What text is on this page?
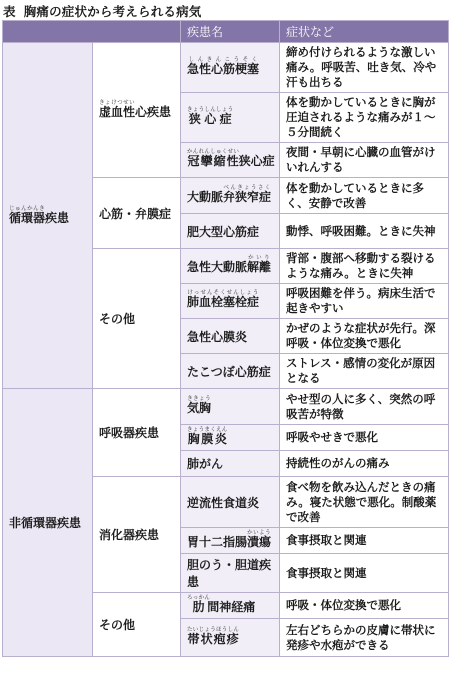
表 胸痛の症状から考えられる病気
		疾患名	症状など
循環器じゅんかんき疾患	虚血性きょけつせい心疾患	急性心筋梗塞しんきんこうそく	締め付けられるような激しい痛み。呼吸苦、吐き気、冷や汗も出ちる
		狭心症きょうしんしょう	体を動かしているときに胸が圧迫されるような痛みが１～５分間続く
		冠攣縮性かんれんしゅくせい狭心症	夜間・早朝に心臓の血管がけいれんする
	心筋・弁膜症	大動脈弁狭窄症べんきょうさく	体を動かしているときに多く、安静で改善
		肥大型心筋症	動悸、呼吸困難。ときに失神
	その他	急性大動脈解離かいり	背部・腹部へ移動する裂けるような痛み。ときに失神
		肺血栓塞栓症けっせんそくせんしょう	呼吸困難を伴う。病床生活で起きやすい
		急性心膜炎	かぜのような症状が先行。深呼吸・体位変換で悪化
		たこつぼ心筋症	ストレス・感情の変化が原因となる
非循環器疾患	呼吸器疾患	気胸ききょう	やせ型の人に多く、突然の呼吸苦が特徴
		胸膜炎きょうまくえん	呼吸やせきで悪化
		肺がん	持続性のがんの痛み
	消化器疾患	逆流性食道炎	食べ物を飲み込んだときの痛み。寝た状態で悪化。制酸薬で改善
		胃十二指腸潰瘍かいよう	食事摂取と関連
		胆のう・胆道疾患	食事摂取と関連
	その他	肋ろっかん間神経痛	呼吸・体位変換で悪化
		帯状疱疹たいじょうほうしん	左右どちらかの皮膚に帯状に発疹や水疱ができる
